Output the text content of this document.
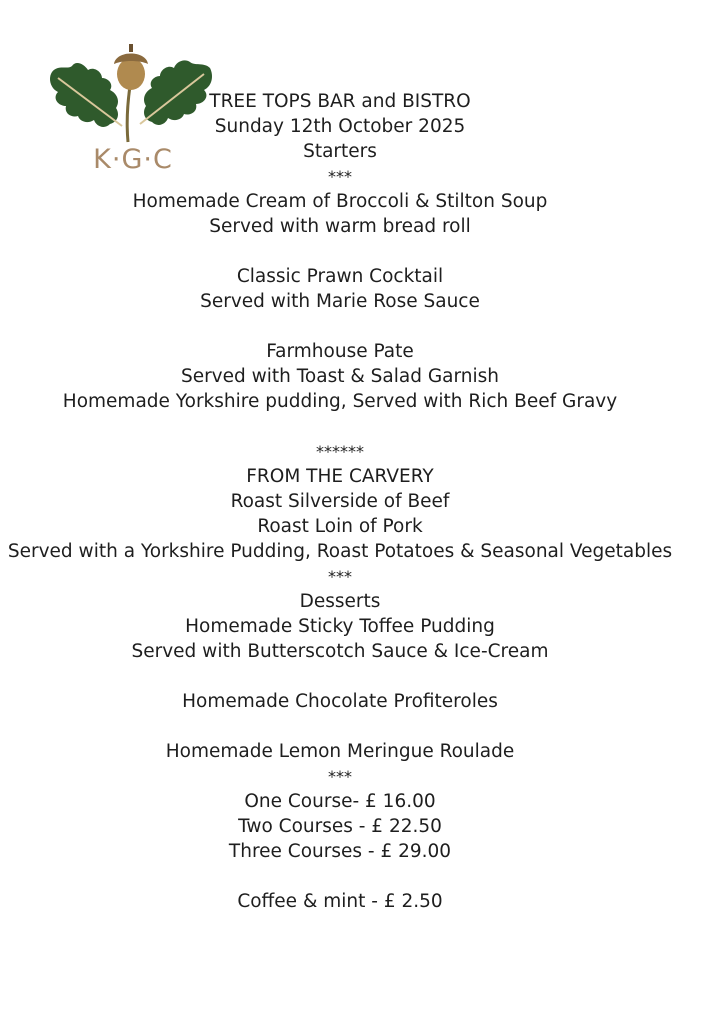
K·G·C
TREE TOPS BAR and BISTRO
Sunday 12th October 2025
Starters
***
Homemade Cream of Broccoli & Stilton Soup
Served with warm bread roll
Classic Prawn Cocktail
Served with Marie Rose Sauce
Farmhouse Pate
Served with Toast & Salad Garnish
Homemade Yorkshire pudding, Served with Rich Beef Gravy
******
FROM THE CARVERY
Roast Silverside of Beef
Roast Loin of Pork
Served with a Yorkshire Pudding, Roast Potatoes & Seasonal Vegetables
***
Desserts
Homemade Sticky Toffee Pudding
Served with Butterscotch Sauce & Ice-Cream
Homemade Chocolate Profiteroles
Homemade Lemon Meringue Roulade
***
One Course- £ 16.00
Two Courses - £ 22.50
Three Courses - £ 29.00
Coffee & mint - £ 2.50
